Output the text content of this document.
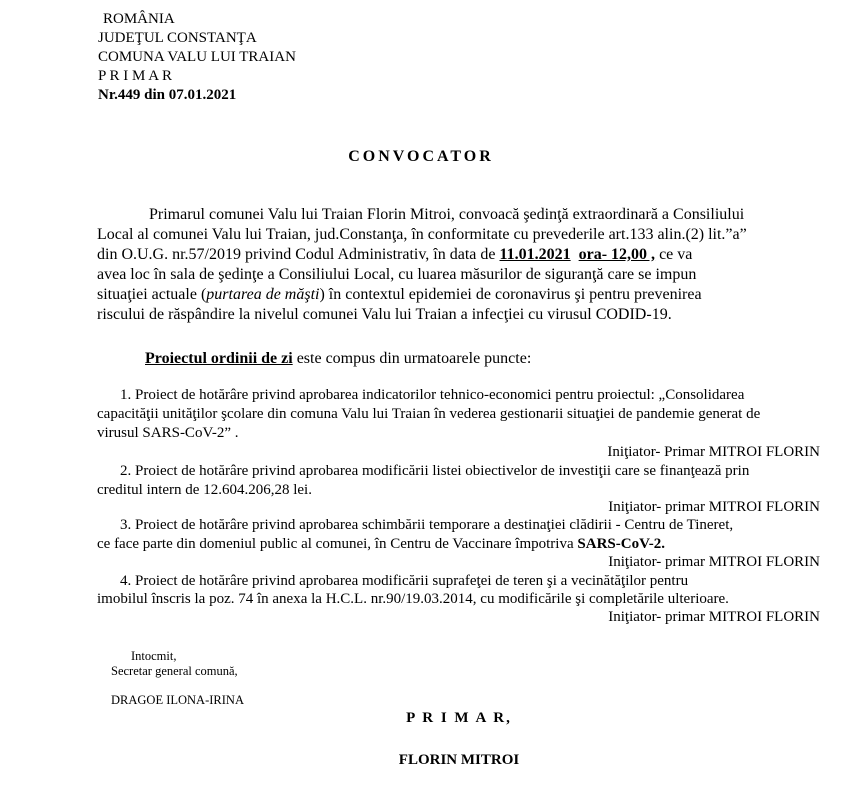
ROMÂNIA
JUDEŢUL CONSTANŢA
COMUNA VALU LUI TRAIAN
P R I M A R
Nr.449 din 07.01.2021
CONVOCATOR
Primarul comunei Valu lui Traian Florin Mitroi, convoacă şedinţă extraordinară a Consiliului
Local al comunei Valu lui Traian, jud.Constanţa, în conformitate cu prevederile art.133 alin.(2) lit.”a”
din O.U.G. nr.57/2019 privind Codul Administrativ, în data de 11.01.2021 ora- 12,00 , ce va
avea loc în sala de şedinţe a Consiliului Local, cu luarea măsurilor de siguranţă care se impun
situaţiei actuale (purtarea de măşti) în contextul epidemiei de coronavirus şi pentru prevenirea
riscului de răspândire la nivelul comunei Valu lui Traian a infecţiei cu virusul CODID-19.
Proiectul ordinii de zi este compus din urmatoarele puncte:
1. Proiect de hotărâre privind aprobarea indicatorilor tehnico-economici pentru proiectul: „Consolidarea
capacităţii unităţilor şcolare din comuna Valu lui Traian în vederea gestionarii situaţiei de pandemie generat de
virusul SARS-CoV-2” .
Iniţiator- Primar MITROI FLORIN
2. Proiect de hotărâre privind aprobarea modificării listei obiectivelor de investiţii care se finanţează prin
creditul intern de 12.604.206,28 lei.
Iniţiator- primar MITROI FLORIN
3. Proiect de hotărâre privind aprobarea schimbării temporare a destinaţiei clădirii - Centru de Tineret,
ce face parte din domeniul public al comunei, în Centru de Vaccinare împotriva SARS-CoV-2.
Iniţiator- primar MITROI FLORIN
4. Proiect de hotărâre privind aprobarea modificării suprafeţei de teren şi a vecinătăţilor pentru
imobilul înscris la poz. 74 în anexa la H.C.L. nr.90/19.03.2014, cu modificările şi completările ulterioare.
Iniţiator- primar MITROI FLORIN
Intocmit,
Secretar general comună,
DRAGOE ILONA-IRINA
P R I M A R,
FLORIN MITROI
